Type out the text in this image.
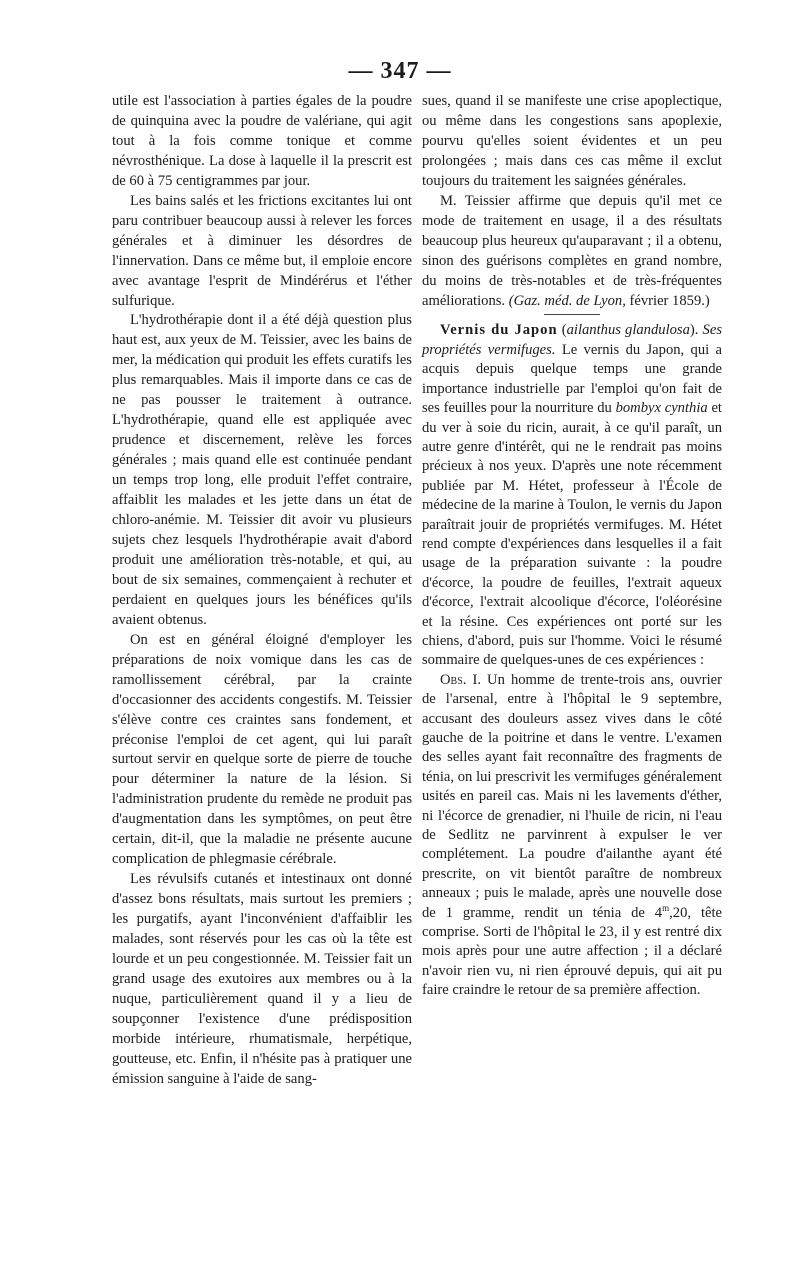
— 347 —

utile est l'association à parties égales de la poudre de quinquina avec la poudre de valériane, qui agit tout à la fois comme tonique et comme névrosthénique. La dose à laquelle il la prescrit est de 60 à 75 centigrammes par jour.

Les bains salés et les frictions excitantes lui ont paru contribuer beaucoup aussi à relever les forces générales et à diminuer les désordres de l'innervation. Dans ce même but, il emploie encore avec avantage l'esprit de Mindérérus et l'éther sulfurique.

L'hydrothérapie dont il a été déjà question plus haut est, aux yeux de M. Teissier, avec les bains de mer, la médication qui produit les effets curatifs les plus remarquables. Mais il importe dans ce cas de ne pas pousser le traitement à outrance. L'hydrothérapie, quand elle est appliquée avec prudence et discernement, relève les forces générales ; mais quand elle est continuée pendant un temps trop long, elle produit l'effet contraire, affaiblit les malades et les jette dans un état de chloro-anémie. M. Teissier dit avoir vu plusieurs sujets chez lesquels l'hydrothérapie avait d'abord produit une amélioration très-notable, et qui, au bout de six semaines, commençaient à rechuter et perdaient en quelques jours les bénéfices qu'ils avaient obtenus.

On est en général éloigné d'employer les préparations de noix vomique dans les cas de ramollissement cérébral, par la crainte d'occasionner des accidents congestifs. M. Teissier s'élève contre ces craintes sans fondement, et préconise l'emploi de cet agent, qui lui paraît surtout servir en quelque sorte de pierre de touche pour déterminer la nature de la lésion. Si l'administration prudente du remède ne produit pas d'augmentation dans les symptômes, on peut être certain, dit-il, que la maladie ne présente aucune complication de phlegmasie cérébrale.

Les révulsifs cutanés et intestinaux ont donné d'assez bons résultats, mais surtout les premiers ; les purgatifs, ayant l'inconvénient d'affaiblir les malades, sont réservés pour les cas où la tête est lourde et un peu congestionnée. M. Teissier fait un grand usage des exutoires aux membres ou à la nuque, particulièrement quand il y a lieu de soupçonner l'existence d'une prédisposition morbide intérieure, rhumatismale, herpétique, goutteuse, etc. Enfin, il n'hésite pas à pratiquer une émission sanguine à l'aide de sang-

sues, quand il se manifeste une crise apoplectique, ou même dans les congestions sans apoplexie, pourvu qu'elles soient évidentes et un peu prolongées ; mais dans ces cas même il exclut toujours du traitement les saignées générales.

M. Teissier affirme que depuis qu'il met ce mode de traitement en usage, il a des résultats beaucoup plus heureux qu'auparavant ; il a obtenu, sinon des guérisons complètes en grand nombre, du moins de très-notables et de très-fréquentes améliorations. (Gaz. méd. de Lyon, février 1859.)

Vernis du Japon (ailanthus glandulosa). Ses propriétés vermifuges. Le vernis du Japon, qui a acquis depuis quelque temps une grande importance industrielle par l'emploi qu'on fait de ses feuilles pour la nourriture du bombyx cynthia et du ver à soie du ricin, aurait, à ce qu'il paraît, un autre genre d'intérêt, qui ne le rendrait pas moins précieux à nos yeux. D'après une note récemment publiée par M. Hétet, professeur à l'École de médecine de la marine à Toulon, le vernis du Japon paraîtrait jouir de propriétés vermifuges. M. Hétet rend compte d'expériences dans lesquelles il a fait usage de la préparation suivante : la poudre d'écorce, la poudre de feuilles, l'extrait aqueux d'écorce, l'extrait alcoolique d'écorce, l'oléorésine et la résine. Ces expériences ont porté sur les chiens, d'abord, puis sur l'homme. Voici le résumé sommaire de quelques-unes de ces expériences :

Obs. I. Un homme de trente-trois ans, ouvrier de l'arsenal, entre à l'hôpital le 9 septembre, accusant des douleurs assez vives dans le côté gauche de la poitrine et dans le ventre. L'examen des selles ayant fait reconnaître des fragments de ténia, on lui prescrivit les vermifuges généralement usités en pareil cas. Mais ni les lavements d'éther, ni l'écorce de grenadier, ni l'huile de ricin, ni l'eau de Sedlitz ne parvinrent à expulser le ver complétement. La poudre d'ailanthe ayant été prescrite, on vit bientôt paraître de nombreux anneaux ; puis le malade, après une nouvelle dose de 1 gramme, rendit un ténia de 4$^m$,20, tête comprise. Sorti de l'hôpital le 23, il y est rentré dix mois après pour une autre affection ; il a déclaré n'avoir rien vu, ni rien éprouvé depuis, qui ait pu faire craindre le retour de sa première affection.
